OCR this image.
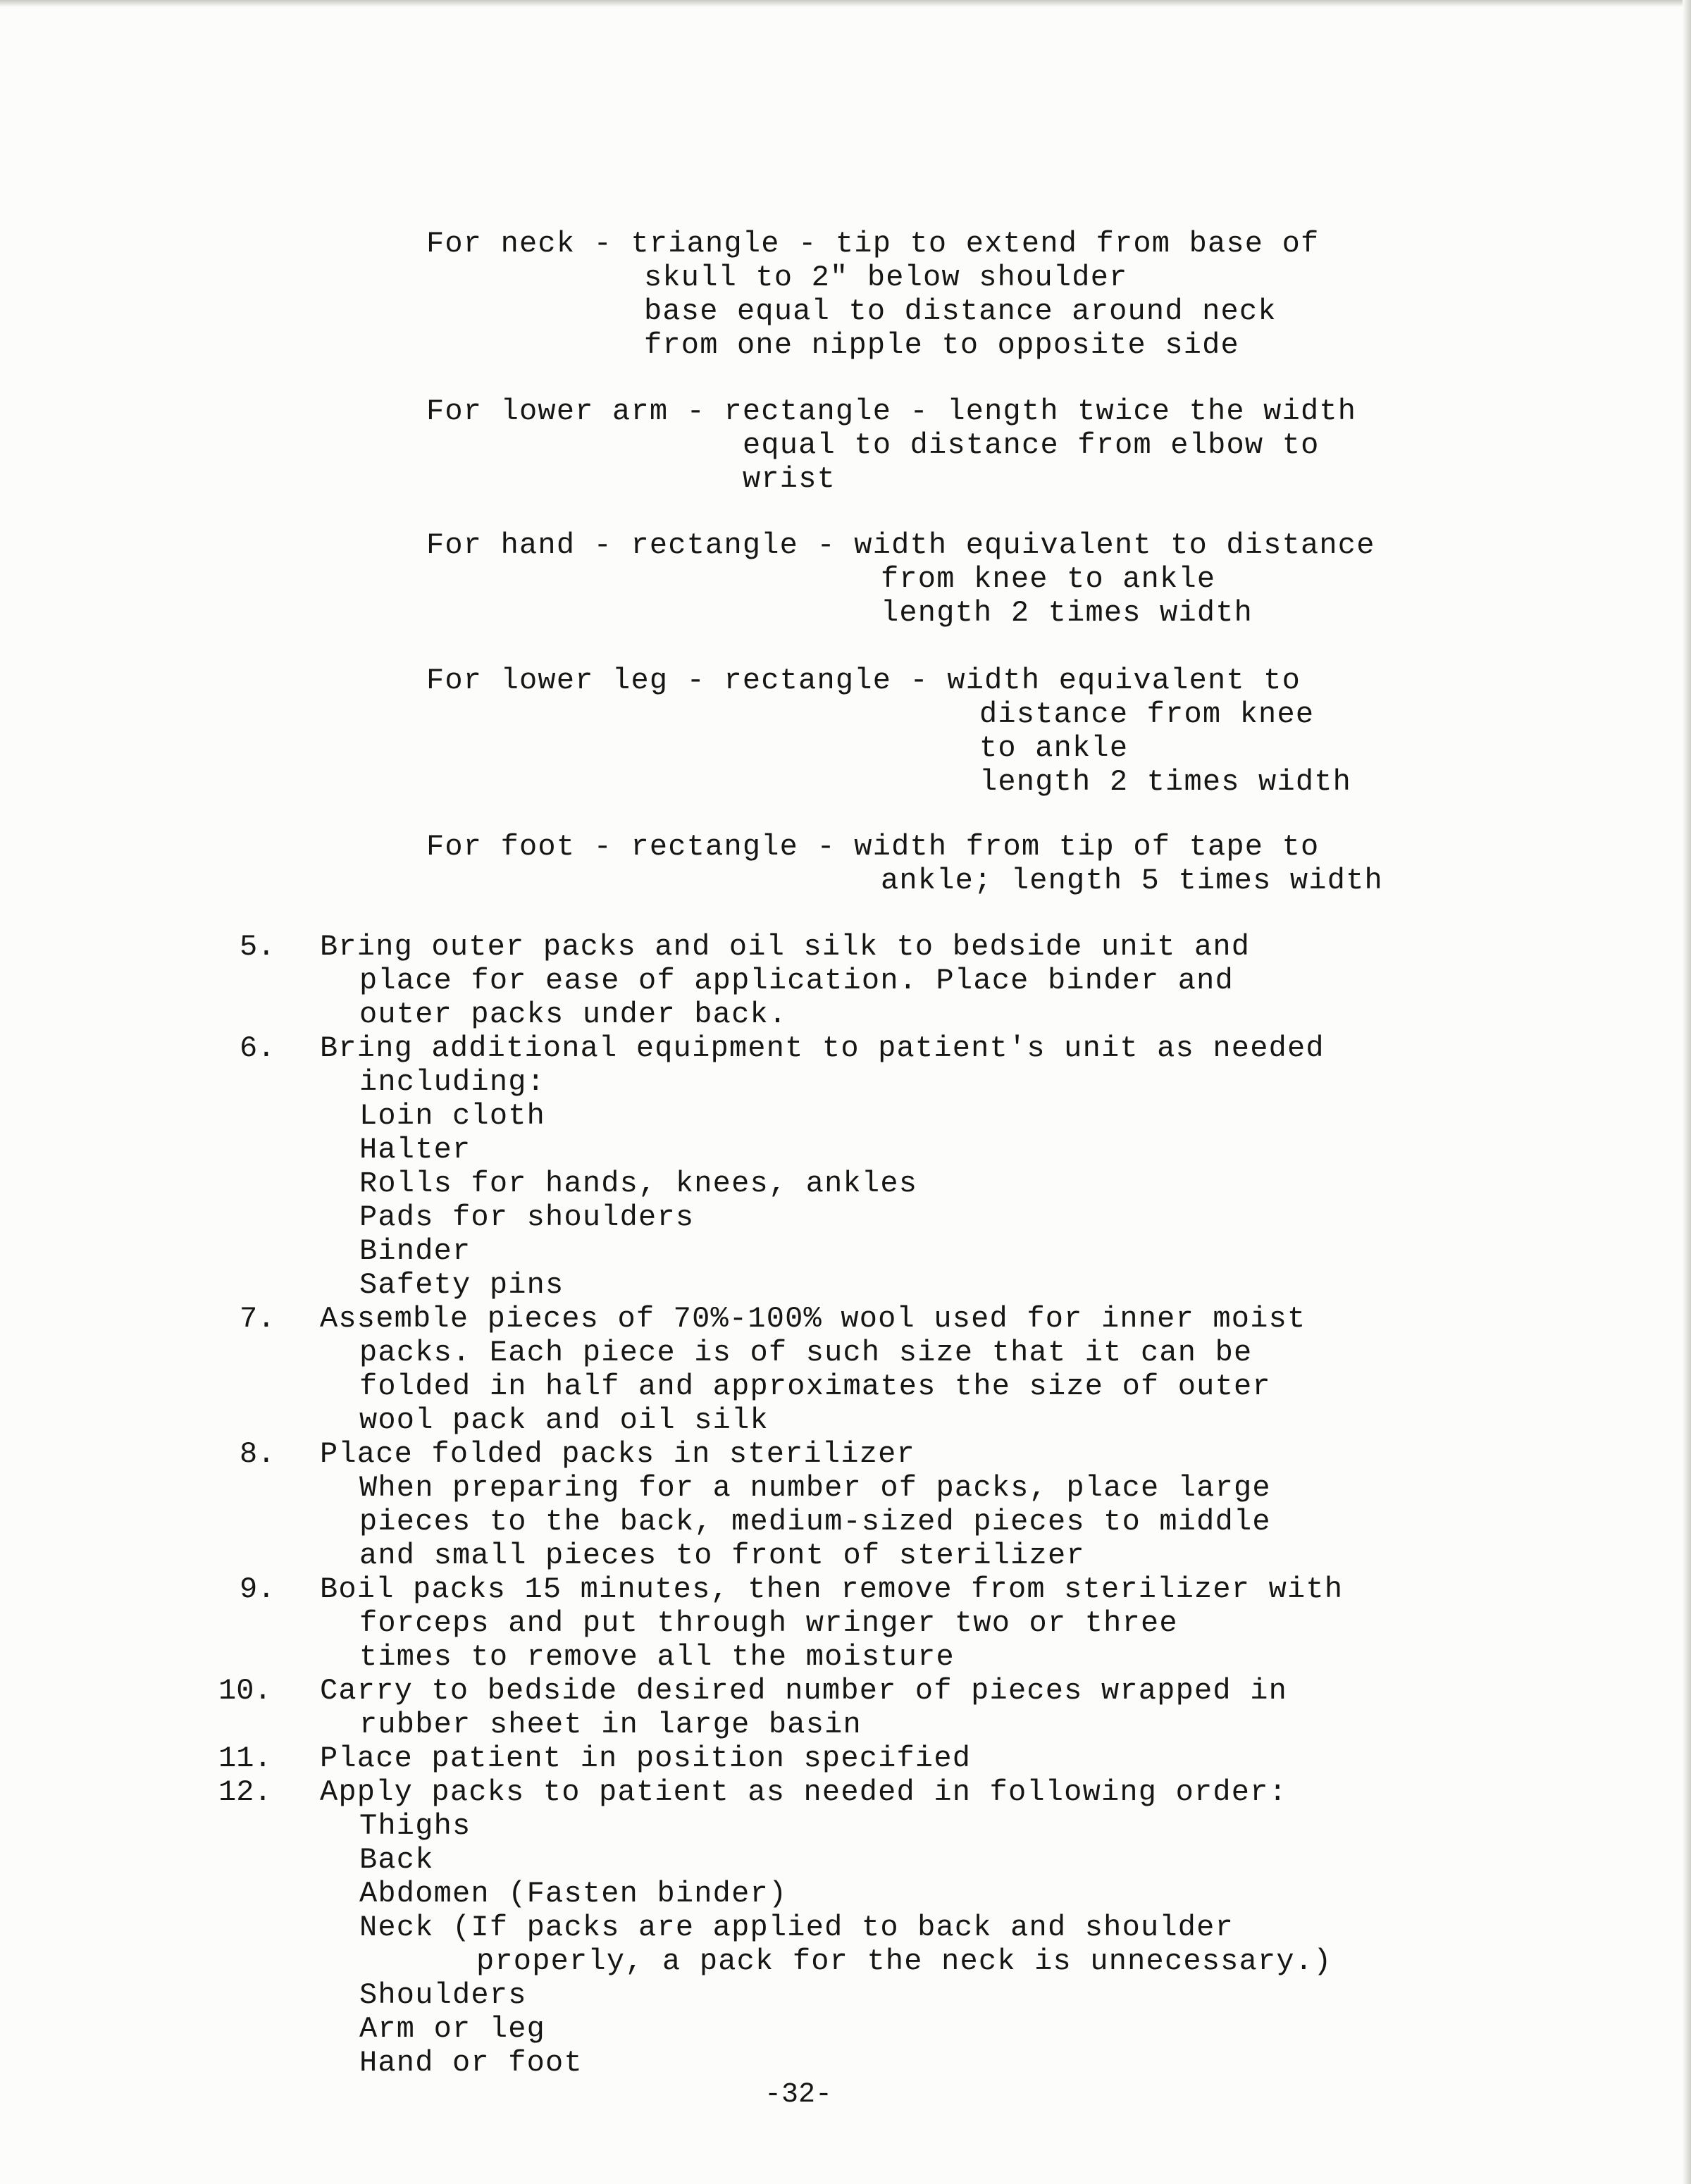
For neck - triangle - tip to extend from base of

skull to 2" below shoulder

base equal to distance around neck

from one nipple to opposite side

For lower arm - rectangle - length twice the width

equal to distance from elbow to

wrist

For hand - rectangle - width equivalent to distance

from knee to ankle

length 2 times width

For lower leg - rectangle - width equivalent to

distance from knee

to ankle

length 2 times width

For foot - rectangle - width from tip of tape to

ankle; length 5 times width

5. Bring outer packs and oil silk to bedside unit and

place for ease of application. Place binder and

outer packs under back.

6. Bring additional equipment to patient's unit as needed

including:

Loin cloth

Halter

Rolls for hands, knees, ankles

Pads for shoulders

Binder

Safety pins

7. Assemble pieces of 70%-100% wool used for inner moist

packs. Each piece is of such size that it can be

folded in half and approximates the size of outer

wool pack and oil silk

8. Place folded packs in sterilizer

When preparing for a number of packs, place large

pieces to the back, medium-sized pieces to middle

and small pieces to front of sterilizer

9. Boil packs 15 minutes, then remove from sterilizer with

forceps and put through wringer two or three

times to remove all the moisture

10. Carry to bedside desired number of pieces wrapped in

rubber sheet in large basin

11. Place patient in position specified

12. Apply packs to patient as needed in following order:

Thighs

Back

Abdomen (Fasten binder)

Neck (If packs are applied to back and shoulder

properly, a pack for the neck is unnecessary.)

Shoulders

Arm or leg

Hand or foot

-32-
